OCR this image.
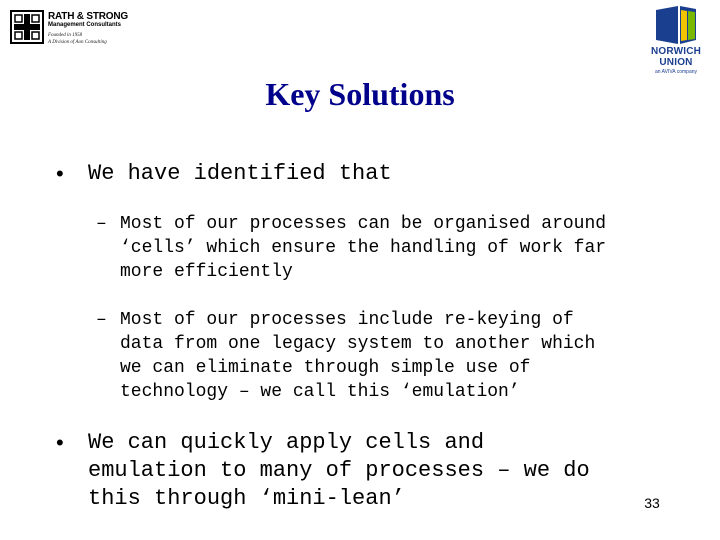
RATH & STRONG
Management Consultants
Founded in 1958
A Division of Aon Consulting
NORWICH
UNION
an AVIVA company
Key Solutions
• We have identified that
– Most of our processes can be organised around
‘cells’ which ensure the handling of work far
more efficiently
– Most of our processes include re-keying of
data from one legacy system to another which
we can eliminate through simple use of
technology – we call this ‘emulation’
• We can quickly apply cells and
emulation to many of processes – we do
this through ‘mini-lean’	33
